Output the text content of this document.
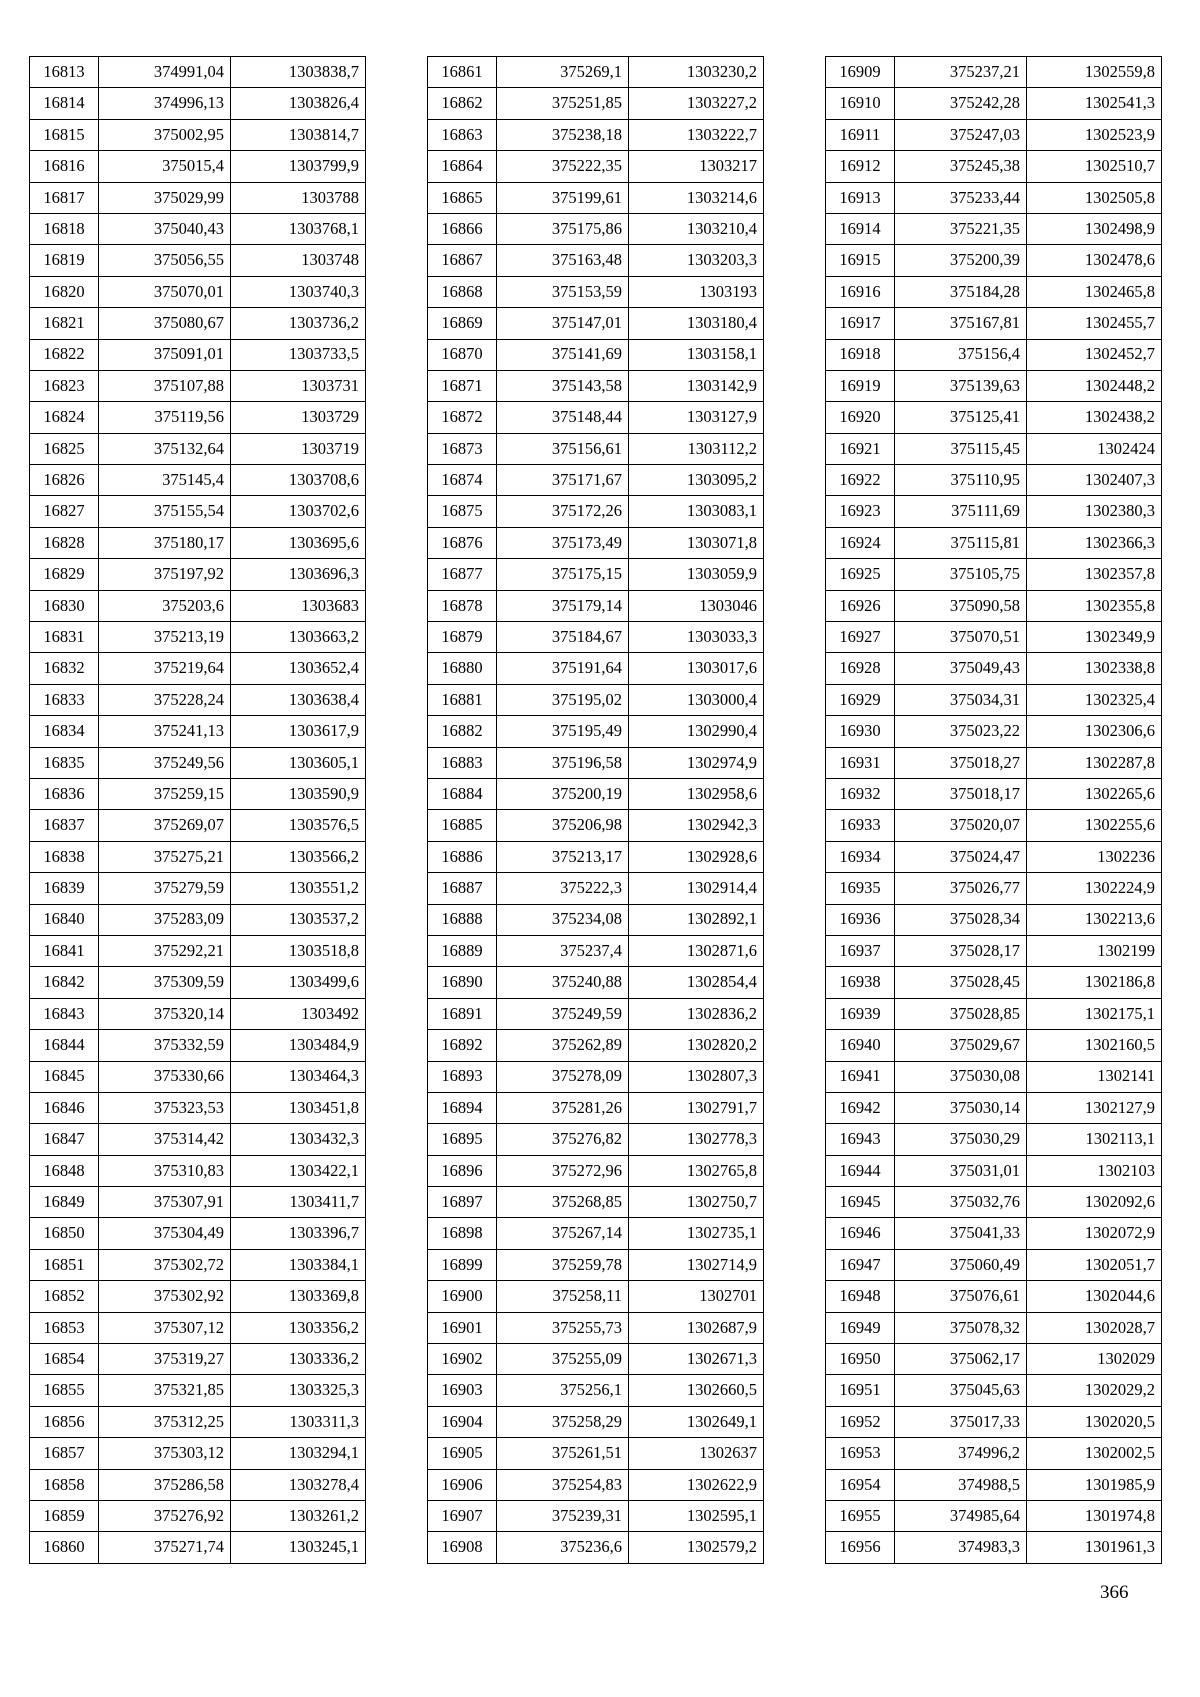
16813	374991,04	1303838,7
16814	374996,13	1303826,4
16815	375002,95	1303814,7
16816	375015,4	1303799,9
16817	375029,99	1303788
16818	375040,43	1303768,1
16819	375056,55	1303748
16820	375070,01	1303740,3
16821	375080,67	1303736,2
16822	375091,01	1303733,5
16823	375107,88	1303731
16824	375119,56	1303729
16825	375132,64	1303719
16826	375145,4	1303708,6
16827	375155,54	1303702,6
16828	375180,17	1303695,6
16829	375197,92	1303696,3
16830	375203,6	1303683
16831	375213,19	1303663,2
16832	375219,64	1303652,4
16833	375228,24	1303638,4
16834	375241,13	1303617,9
16835	375249,56	1303605,1
16836	375259,15	1303590,9
16837	375269,07	1303576,5
16838	375275,21	1303566,2
16839	375279,59	1303551,2
16840	375283,09	1303537,2
16841	375292,21	1303518,8
16842	375309,59	1303499,6
16843	375320,14	1303492
16844	375332,59	1303484,9
16845	375330,66	1303464,3
16846	375323,53	1303451,8
16847	375314,42	1303432,3
16848	375310,83	1303422,1
16849	375307,91	1303411,7
16850	375304,49	1303396,7
16851	375302,72	1303384,1
16852	375302,92	1303369,8
16853	375307,12	1303356,2
16854	375319,27	1303336,2
16855	375321,85	1303325,3
16856	375312,25	1303311,3
16857	375303,12	1303294,1
16858	375286,58	1303278,4
16859	375276,92	1303261,2
16860	375271,74	1303245,1
16861	375269,1	1303230,2
16862	375251,85	1303227,2
16863	375238,18	1303222,7
16864	375222,35	1303217
16865	375199,61	1303214,6
16866	375175,86	1303210,4
16867	375163,48	1303203,3
16868	375153,59	1303193
16869	375147,01	1303180,4
16870	375141,69	1303158,1
16871	375143,58	1303142,9
16872	375148,44	1303127,9
16873	375156,61	1303112,2
16874	375171,67	1303095,2
16875	375172,26	1303083,1
16876	375173,49	1303071,8
16877	375175,15	1303059,9
16878	375179,14	1303046
16879	375184,67	1303033,3
16880	375191,64	1303017,6
16881	375195,02	1303000,4
16882	375195,49	1302990,4
16883	375196,58	1302974,9
16884	375200,19	1302958,6
16885	375206,98	1302942,3
16886	375213,17	1302928,6
16887	375222,3	1302914,4
16888	375234,08	1302892,1
16889	375237,4	1302871,6
16890	375240,88	1302854,4
16891	375249,59	1302836,2
16892	375262,89	1302820,2
16893	375278,09	1302807,3
16894	375281,26	1302791,7
16895	375276,82	1302778,3
16896	375272,96	1302765,8
16897	375268,85	1302750,7
16898	375267,14	1302735,1
16899	375259,78	1302714,9
16900	375258,11	1302701
16901	375255,73	1302687,9
16902	375255,09	1302671,3
16903	375256,1	1302660,5
16904	375258,29	1302649,1
16905	375261,51	1302637
16906	375254,83	1302622,9
16907	375239,31	1302595,1
16908	375236,6	1302579,2
16909	375237,21	1302559,8
16910	375242,28	1302541,3
16911	375247,03	1302523,9
16912	375245,38	1302510,7
16913	375233,44	1302505,8
16914	375221,35	1302498,9
16915	375200,39	1302478,6
16916	375184,28	1302465,8
16917	375167,81	1302455,7
16918	375156,4	1302452,7
16919	375139,63	1302448,2
16920	375125,41	1302438,2
16921	375115,45	1302424
16922	375110,95	1302407,3
16923	375111,69	1302380,3
16924	375115,81	1302366,3
16925	375105,75	1302357,8
16926	375090,58	1302355,8
16927	375070,51	1302349,9
16928	375049,43	1302338,8
16929	375034,31	1302325,4
16930	375023,22	1302306,6
16931	375018,27	1302287,8
16932	375018,17	1302265,6
16933	375020,07	1302255,6
16934	375024,47	1302236
16935	375026,77	1302224,9
16936	375028,34	1302213,6
16937	375028,17	1302199
16938	375028,45	1302186,8
16939	375028,85	1302175,1
16940	375029,67	1302160,5
16941	375030,08	1302141
16942	375030,14	1302127,9
16943	375030,29	1302113,1
16944	375031,01	1302103
16945	375032,76	1302092,6
16946	375041,33	1302072,9
16947	375060,49	1302051,7
16948	375076,61	1302044,6
16949	375078,32	1302028,7
16950	375062,17	1302029
16951	375045,63	1302029,2
16952	375017,33	1302020,5
16953	374996,2	1302002,5
16954	374988,5	1301985,9
16955	374985,64	1301974,8
16956	374983,3	1301961,3
366
